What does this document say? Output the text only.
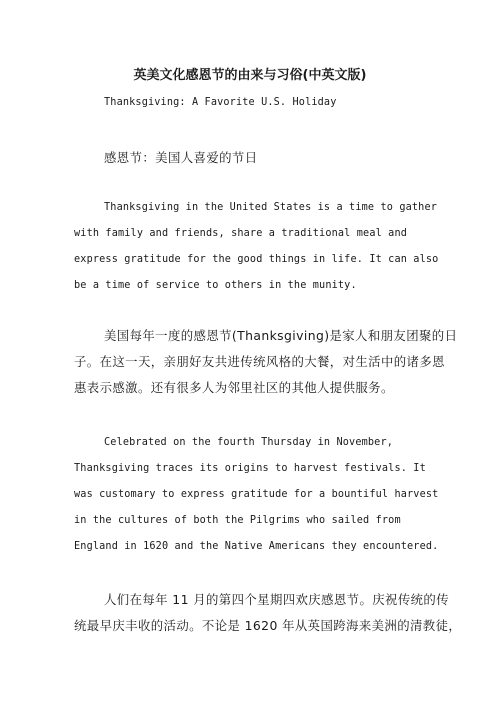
英美文化感恩节的由来与习俗(中英文版)
Thanksgiving: A Favorite U.S. Holiday
感恩节：美国人喜爱的节日
Thanksgiving in the United States is a time to gather
with family and friends, share a traditional meal and
express gratitude for the good things in life. It can also
be a time of service to others in the munity.
美国每年一度的感恩节(Thanksgiving)是家人和朋友团聚的日
子。在这一天，亲朋好友共进传统风格的大餐，对生活中的诸多恩
惠表示感激。还有很多人为邻里社区的其他人提供服务。
Celebrated on the fourth Thursday in November,
Thanksgiving traces its origins to harvest festivals. It
was customary to express gratitude for a bountiful harvest
in the cultures of both the Pilgrims who sailed from
England in 1620 and the Native Americans they encountered.
人们在每年 11 月的第四个星期四欢庆感恩节。庆祝传统的传
统最早庆丰收的活动。不论是 1620 年从英国跨海来美洲的清教徒，
